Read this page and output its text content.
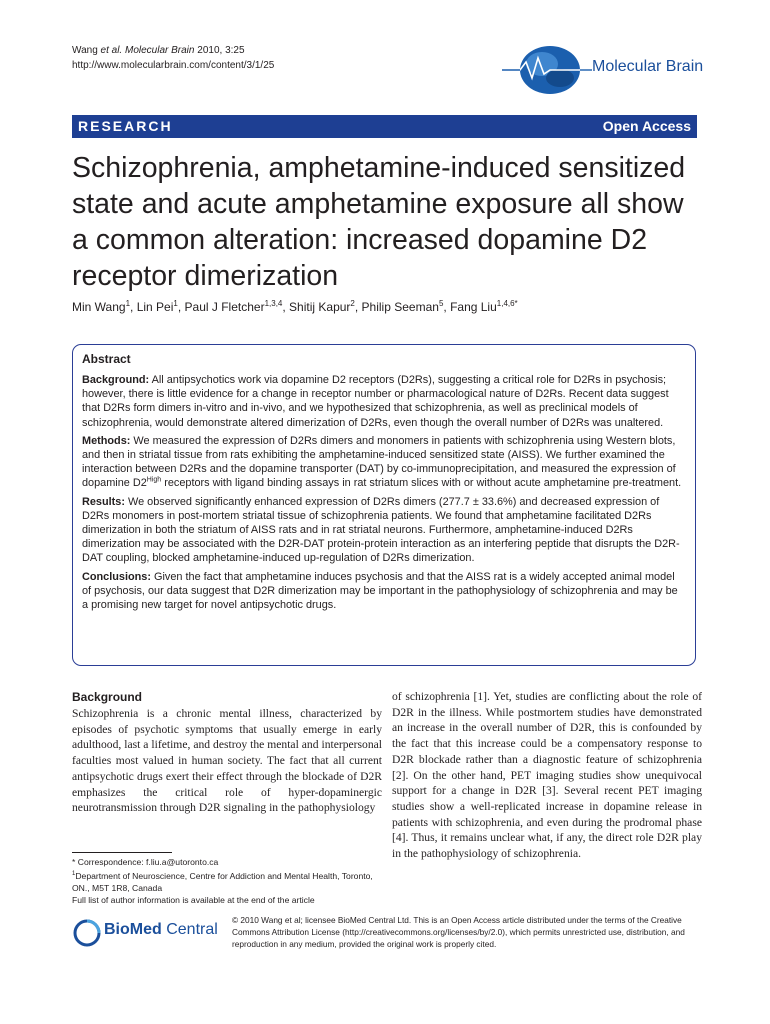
Wang et al. Molecular Brain 2010, 3:25
http://www.molecularbrain.com/content/3/1/25	Molecular Brain
RESEARCH	Open Access
Schizophrenia, amphetamine-induced sensitized state and acute amphetamine exposure all show a common alteration: increased dopamine D2 receptor dimerization
Min Wang$^1$, Lin Pei$^1$, Paul J Fletcher$^{1,3,4}$, Shitij Kapur$^2$, Philip Seeman$^5$, Fang Liu$^{1,4,6*}$
Abstract

Background: All antipsychotics work via dopamine D2 receptors (D2Rs), suggesting a critical role for D2Rs in psychosis; however, there is little evidence for a change in receptor number or pharmacological nature of D2Rs. Recent data suggest that D2Rs form dimers in-vitro and in-vivo, and we hypothesized that schizophrenia, as well as preclinical models of schizophrenia, would demonstrate altered dimerization of D2Rs, even though the overall number of D2Rs was unaltered.

Methods: We measured the expression of D2Rs dimers and monomers in patients with schizophrenia using Western blots, and then in striatal tissue from rats exhibiting the amphetamine-induced sensitized state (AISS). We further examined the interaction between D2Rs and the dopamine transporter (DAT) by co-immunoprecipitation, and measured the expression of dopamine $D2^{High}$ receptors with ligand binding assays in rat striatum slices with or without acute amphetamine pre-treatment.

Results: We observed significantly enhanced expression of D2Rs dimers (277.7 ± 33.6%) and decreased expression of D2Rs monomers in post-mortem striatal tissue of schizophrenia patients. We found that amphetamine facilitated D2Rs dimerization in both the striatum of AISS rats and in rat striatal neurons. Furthermore, amphetamine-induced D2Rs dimerization may be associated with the D2R-DAT protein-protein interaction as an interfering peptide that disrupts the D2R-DAT coupling, blocked amphetamine-induced up-regulation of D2Rs dimerization.

Conclusions: Given the fact that amphetamine induces psychosis and that the AISS rat is a widely accepted animal model of psychosis, our data suggest that D2R dimerization may be important in the pathophysiology of schizophrenia and may be a promising new target for novel antipsychotic drugs.

Background
Schizophrenia is a chronic mental illness, characterized by episodes of psychotic symptoms that usually emerge in early adulthood, last a lifetime, and destroy the mental and interpersonal faculties most valued in human society. The fact that all current antipsychotic drugs exert their effect through the blockade of D2R emphasizes the critical role of hyper-dopaminergic neurotransmission through D2R signaling in the pathophysiology
of schizophrenia [1]. Yet, studies are conflicting about the role of D2R in the illness. While postmortem studies have demonstrated an increase in the overall number of D2R, this is confounded by the fact that this increase could be a compensatory response to D2R blockade rather than a diagnostic feature of schizophrenia [2]. On the other hand, PET imaging studies show unequivocal support for a change in D2R [3]. Several recent PET imaging studies show a well-replicated increase in dopamine release in patients with schizophrenia, and even during the prodromal phase [4]. Thus, it remains unclear what, if any, the direct role D2R play in the pathophysiology of schizophrenia.
* Correspondence: f.liu.a@utoronto.ca
$^1$Department of Neuroscience, Centre for Addiction and Mental Health, Toronto, ON., M5T 1R8, Canada
Full list of author information is available at the end of the article
BioMed Central
© 2010 Wang et al; licensee BioMed Central Ltd. This is an Open Access article distributed under the terms of the Creative Commons Attribution License (http://creativecommons.org/licenses/by/2.0), which permits unrestricted use, distribution, and reproduction in any medium, provided the original work is properly cited.
